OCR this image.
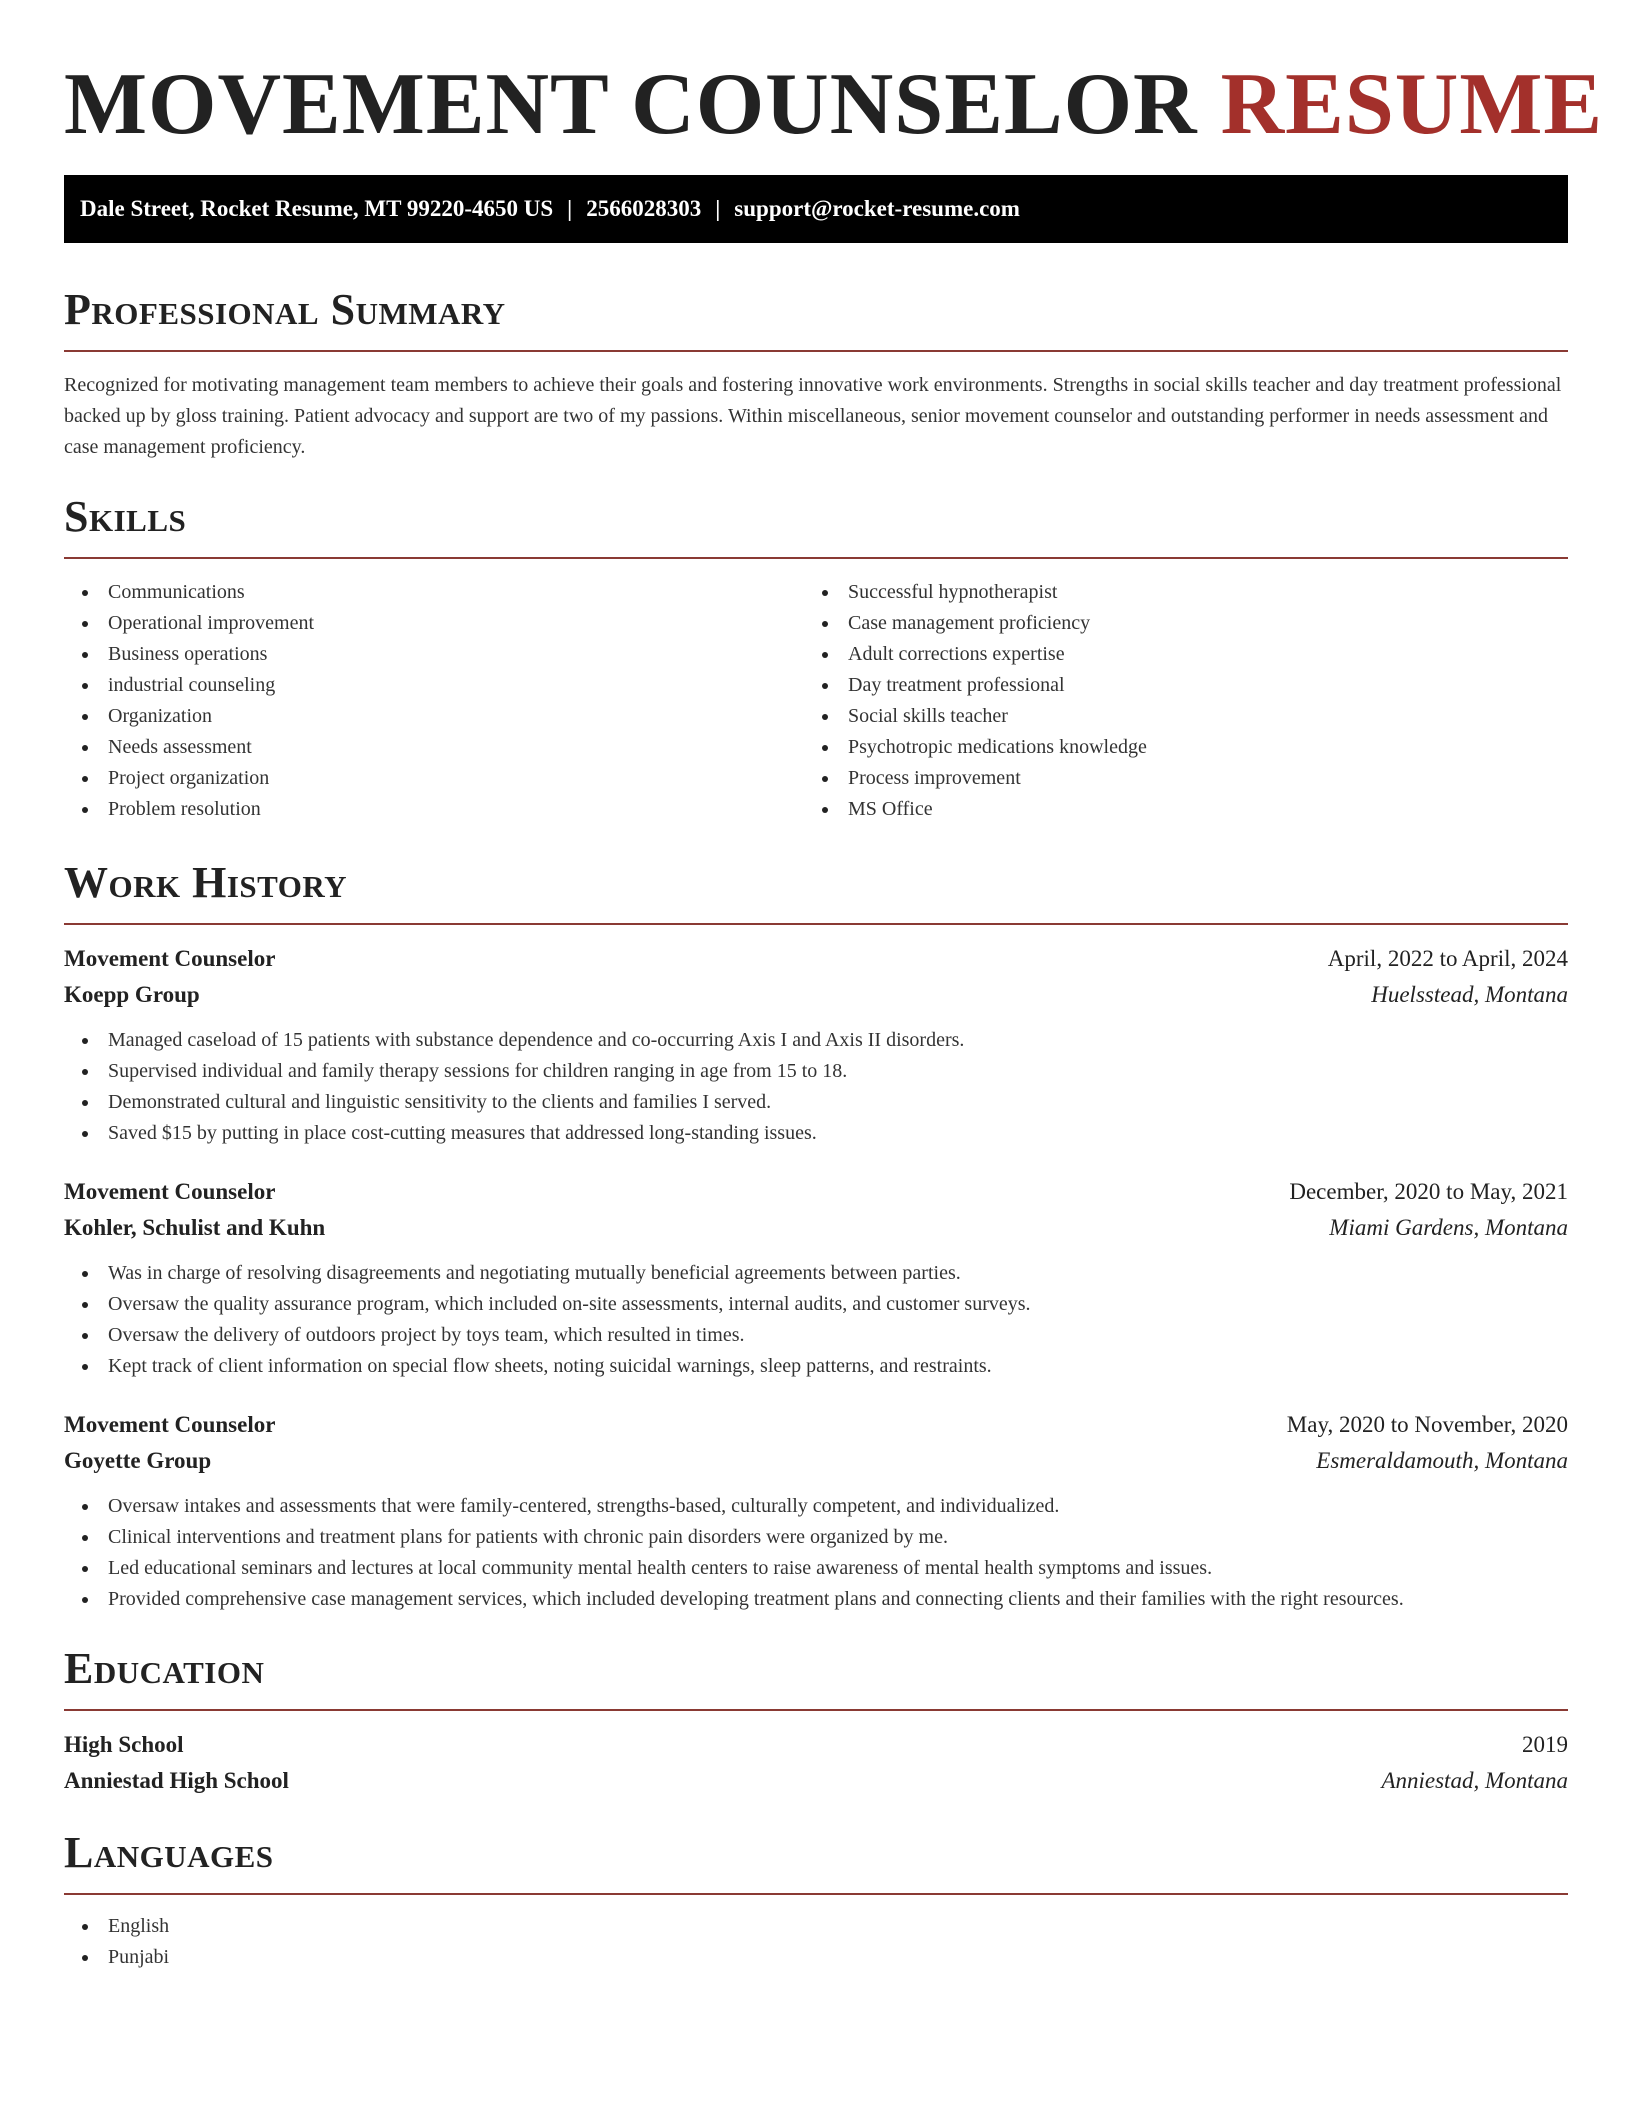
MOVEMENT COUNSELOR RESUME
Dale Street, Rocket Resume, MT 99220-4650 US | 2566028303 | support@rocket-resume.com
Professional Summary

Recognized for motivating management team members to achieve their goals and fostering innovative work environments. Strengths in social skills teacher and day treatment professional backed up by gloss training. Patient advocacy and support are two of my passions. Within miscellaneous, senior movement counselor and outstanding performer in needs assessment and case management proficiency.

Skills
Communications
Operational improvement
Business operations
industrial counseling
Organization
Needs assessment
Project organization
Problem resolution
Successful hypnotherapist
Case management proficiency
Adult corrections expertise
Day treatment professional
Social skills teacher
Psychotropic medications knowledge
Process improvement
MS Office
Work History
Movement Counselor	April, 2022 to April, 2024
Koepp Group	Huelsstead, Montana
Managed caseload of 15 patients with substance dependence and co-occurring Axis I and Axis II disorders.
Supervised individual and family therapy sessions for children ranging in age from 15 to 18.
Demonstrated cultural and linguistic sensitivity to the clients and families I served.
Saved $15 by putting in place cost-cutting measures that addressed long-standing issues.
Movement Counselor	December, 2020 to May, 2021
Kohler, Schulist and Kuhn	Miami Gardens, Montana
Was in charge of resolving disagreements and negotiating mutually beneficial agreements between parties.
Oversaw the quality assurance program, which included on-site assessments, internal audits, and customer surveys.
Oversaw the delivery of outdoors project by toys team, which resulted in times.
Kept track of client information on special flow sheets, noting suicidal warnings, sleep patterns, and restraints.
Movement Counselor	May, 2020 to November, 2020
Goyette Group	Esmeraldamouth, Montana
Oversaw intakes and assessments that were family-centered, strengths-based, culturally competent, and individualized.
Clinical interventions and treatment plans for patients with chronic pain disorders were organized by me.
Led educational seminars and lectures at local community mental health centers to raise awareness of mental health symptoms and issues.
Provided comprehensive case management services, which included developing treatment plans and connecting clients and their families with the right resources.
Education
High School	2019
Anniestad High School	Anniestad, Montana
Languages
English
Punjabi
